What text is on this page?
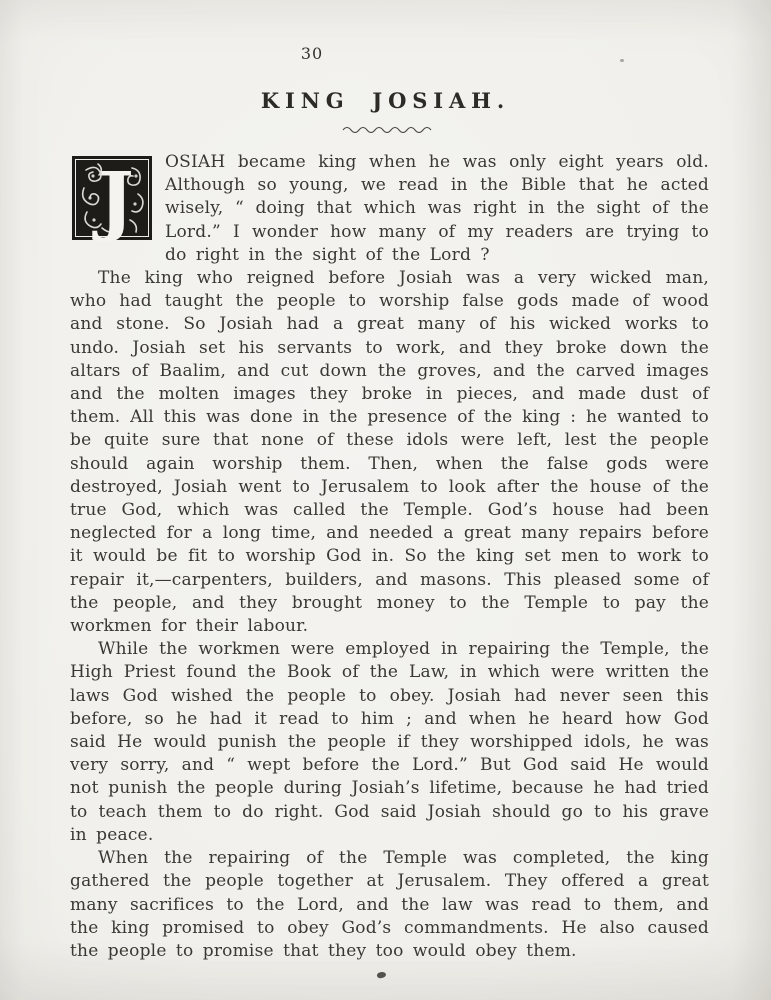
30
KING JOSIAH.

J OSIAH became king when he was only eight years old. Although so young, we read in the Bible that he acted wisely, “ doing that which was right in the sight of the Lord.” I wonder how many of my readers are trying to do right in the sight of the Lord ?

The king who reigned before Josiah was a very wicked man, who had taught the people to worship false gods made of wood and stone. So Josiah had a great many of his wicked works to undo. Josiah set his servants to work, and they broke down the altars of Baalim, and cut down the groves, and the carved images and the molten images they broke in pieces, and made dust of them. All this was done in the presence of the king : he wanted to be quite sure that none of these idols were left, lest the people should again worship them. Then, when the false gods were destroyed, Josiah went to Jerusalem to look after the house of the true God, which was called the Temple. God’s house had been neglected for a long time, and needed a great many repairs before it would be fit to worship God in. So the king set men to work to repair it,—carpenters, builders, and masons. This pleased some of the people, and they brought money to the Temple to pay the workmen for their labour.

While the workmen were employed in repairing the Temple, the High Priest found the Book of the Law, in which were written the laws God wished the people to obey. Josiah had never seen this before, so he had it read to him ; and when he heard how God said He would punish the people if they worshipped idols, he was very sorry, and “ wept before the Lord.” But God said He would not punish the people during Josiah’s lifetime, because he had tried to teach them to do right. God said Josiah should go to his grave in peace.

When the repairing of the Temple was completed, the king gathered the people together at Jerusalem. They offered a great many sacrifices to the Lord, and the law was read to them, and the king promised to obey God’s commandments. He also caused the people to promise that they too would obey them.
